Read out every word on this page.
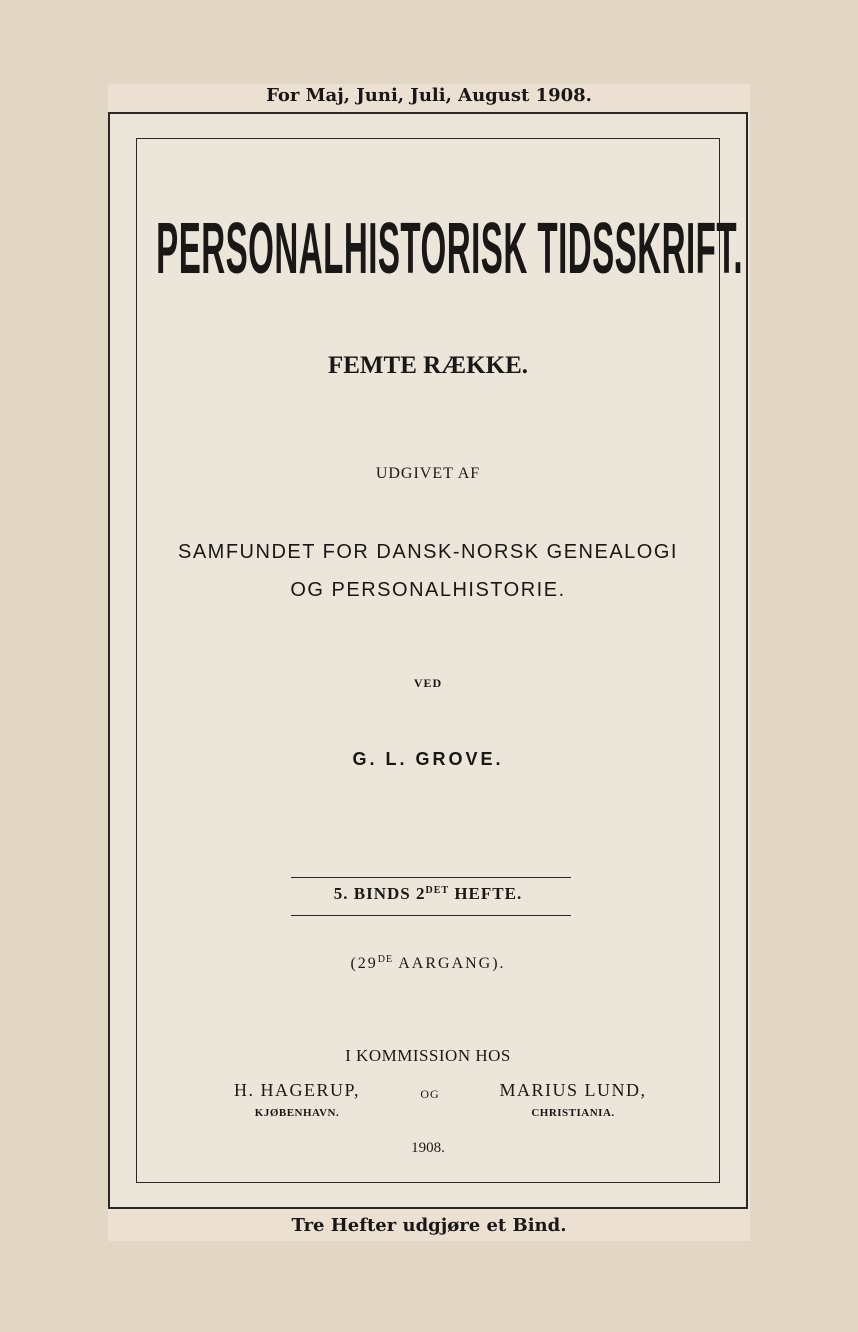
For Maj, Juni, Juli, August 1908.
PERSONALHISTORISK TIDSSKRIFT.
FEMTE RÆKKE.
UDGIVET AF
SAMFUNDET FOR DANSK-NORSK GENEALOGI
OG PERSONALHISTORIE.
VED
G. L. GROVE.
5. BINDS $2^{DET}$ HEFTE.
(29DE AARGANG).
I KOMMISSION HOS
H. HAGERUP,
KJØBENHAVN.
OG	MARIUS LUND,
CHRISTIANIA.
1908.
Tre Hefter udgjøre et Bind.
